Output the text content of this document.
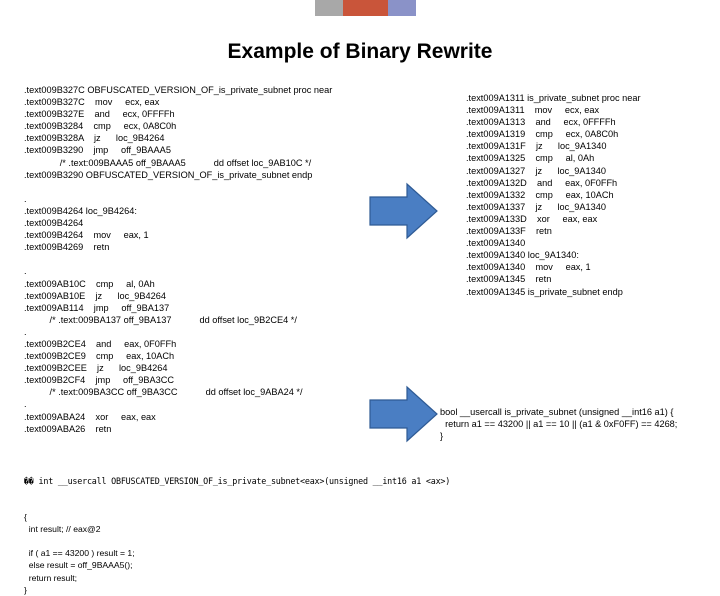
Example of Binary Rewrite
.text009B327C OBFUSCATED_VERSION_OF_is_private_subnet proc near
.text009B327C    mov     ecx, eax
.text009B327E    and     ecx, 0FFFFh
.text009B3284    cmp     ecx, 0A8C0h
.text009B328A    jz      loc_9B4264
.text009B3290    jmp     off_9BAAA5
/* .text:009BAAA5 off_9BAAA5           dd offset loc_9AB10C */
.text009B3290 OBFUSCATED_VERSION_OF_is_private_subnet endp
.
.text009B4264 loc_9B4264:
.text009B4264
.text009B4264    mov     eax, 1
.text009B4269    retn
.
.text009AB10C    cmp     al, 0Ah
.text009AB10E    jz      loc_9B4264
.text009AB114    jmp     off_9BA137
/* .text:009BA137 off_9BA137           dd offset loc_9B2CE4 */
.
.text009B2CE4    and     eax, 0F0FFh
.text009B2CE9    cmp     eax, 10ACh
.text009B2CEE    jz      loc_9B4264
.text009B2CF4    jmp     off_9BA3CC
/* .text:009BA3CC off_9BA3CC           dd offset loc_9ABA24 */
.
.text009ABA24    xor     eax, eax
.text009ABA26    retn
.text009A1311 is_private_subnet proc near
.text009A1311    mov     ecx, eax
.text009A1313    and     ecx, 0FFFFh
.text009A1319    cmp     ecx, 0A8C0h
.text009A131F    jz      loc_9A1340
.text009A1325    cmp     al, 0Ah
.text009A1327    jz      loc_9A1340
.text009A132D    and     eax, 0F0FFh
.text009A1332    cmp     eax, 10ACh
.text009A1337    jz      loc_9A1340
.text009A133D    xor     eax, eax
.text009A133F    retn
.text009A1340
.text009A1340 loc_9A1340:
.text009A1340    mov     eax, 1
.text009A1345    retn
.text009A1345 is_private_subnet endp
bool __usercall is_private_subnet (unsigned __int16 a1) {
return a1 == 43200 || a1 == 10 || (a1 & 0xF0FF) == 4268;
}

�� int __usercall OBFUSCATED_VERSION_OF_is_private_subnet<eax>(unsigned __int16 a1 <ax>)

{
int result; // eax@2
if ( a1 == 43200 ) result = 1;
else result = off_9BAAA5();
return result;
}
